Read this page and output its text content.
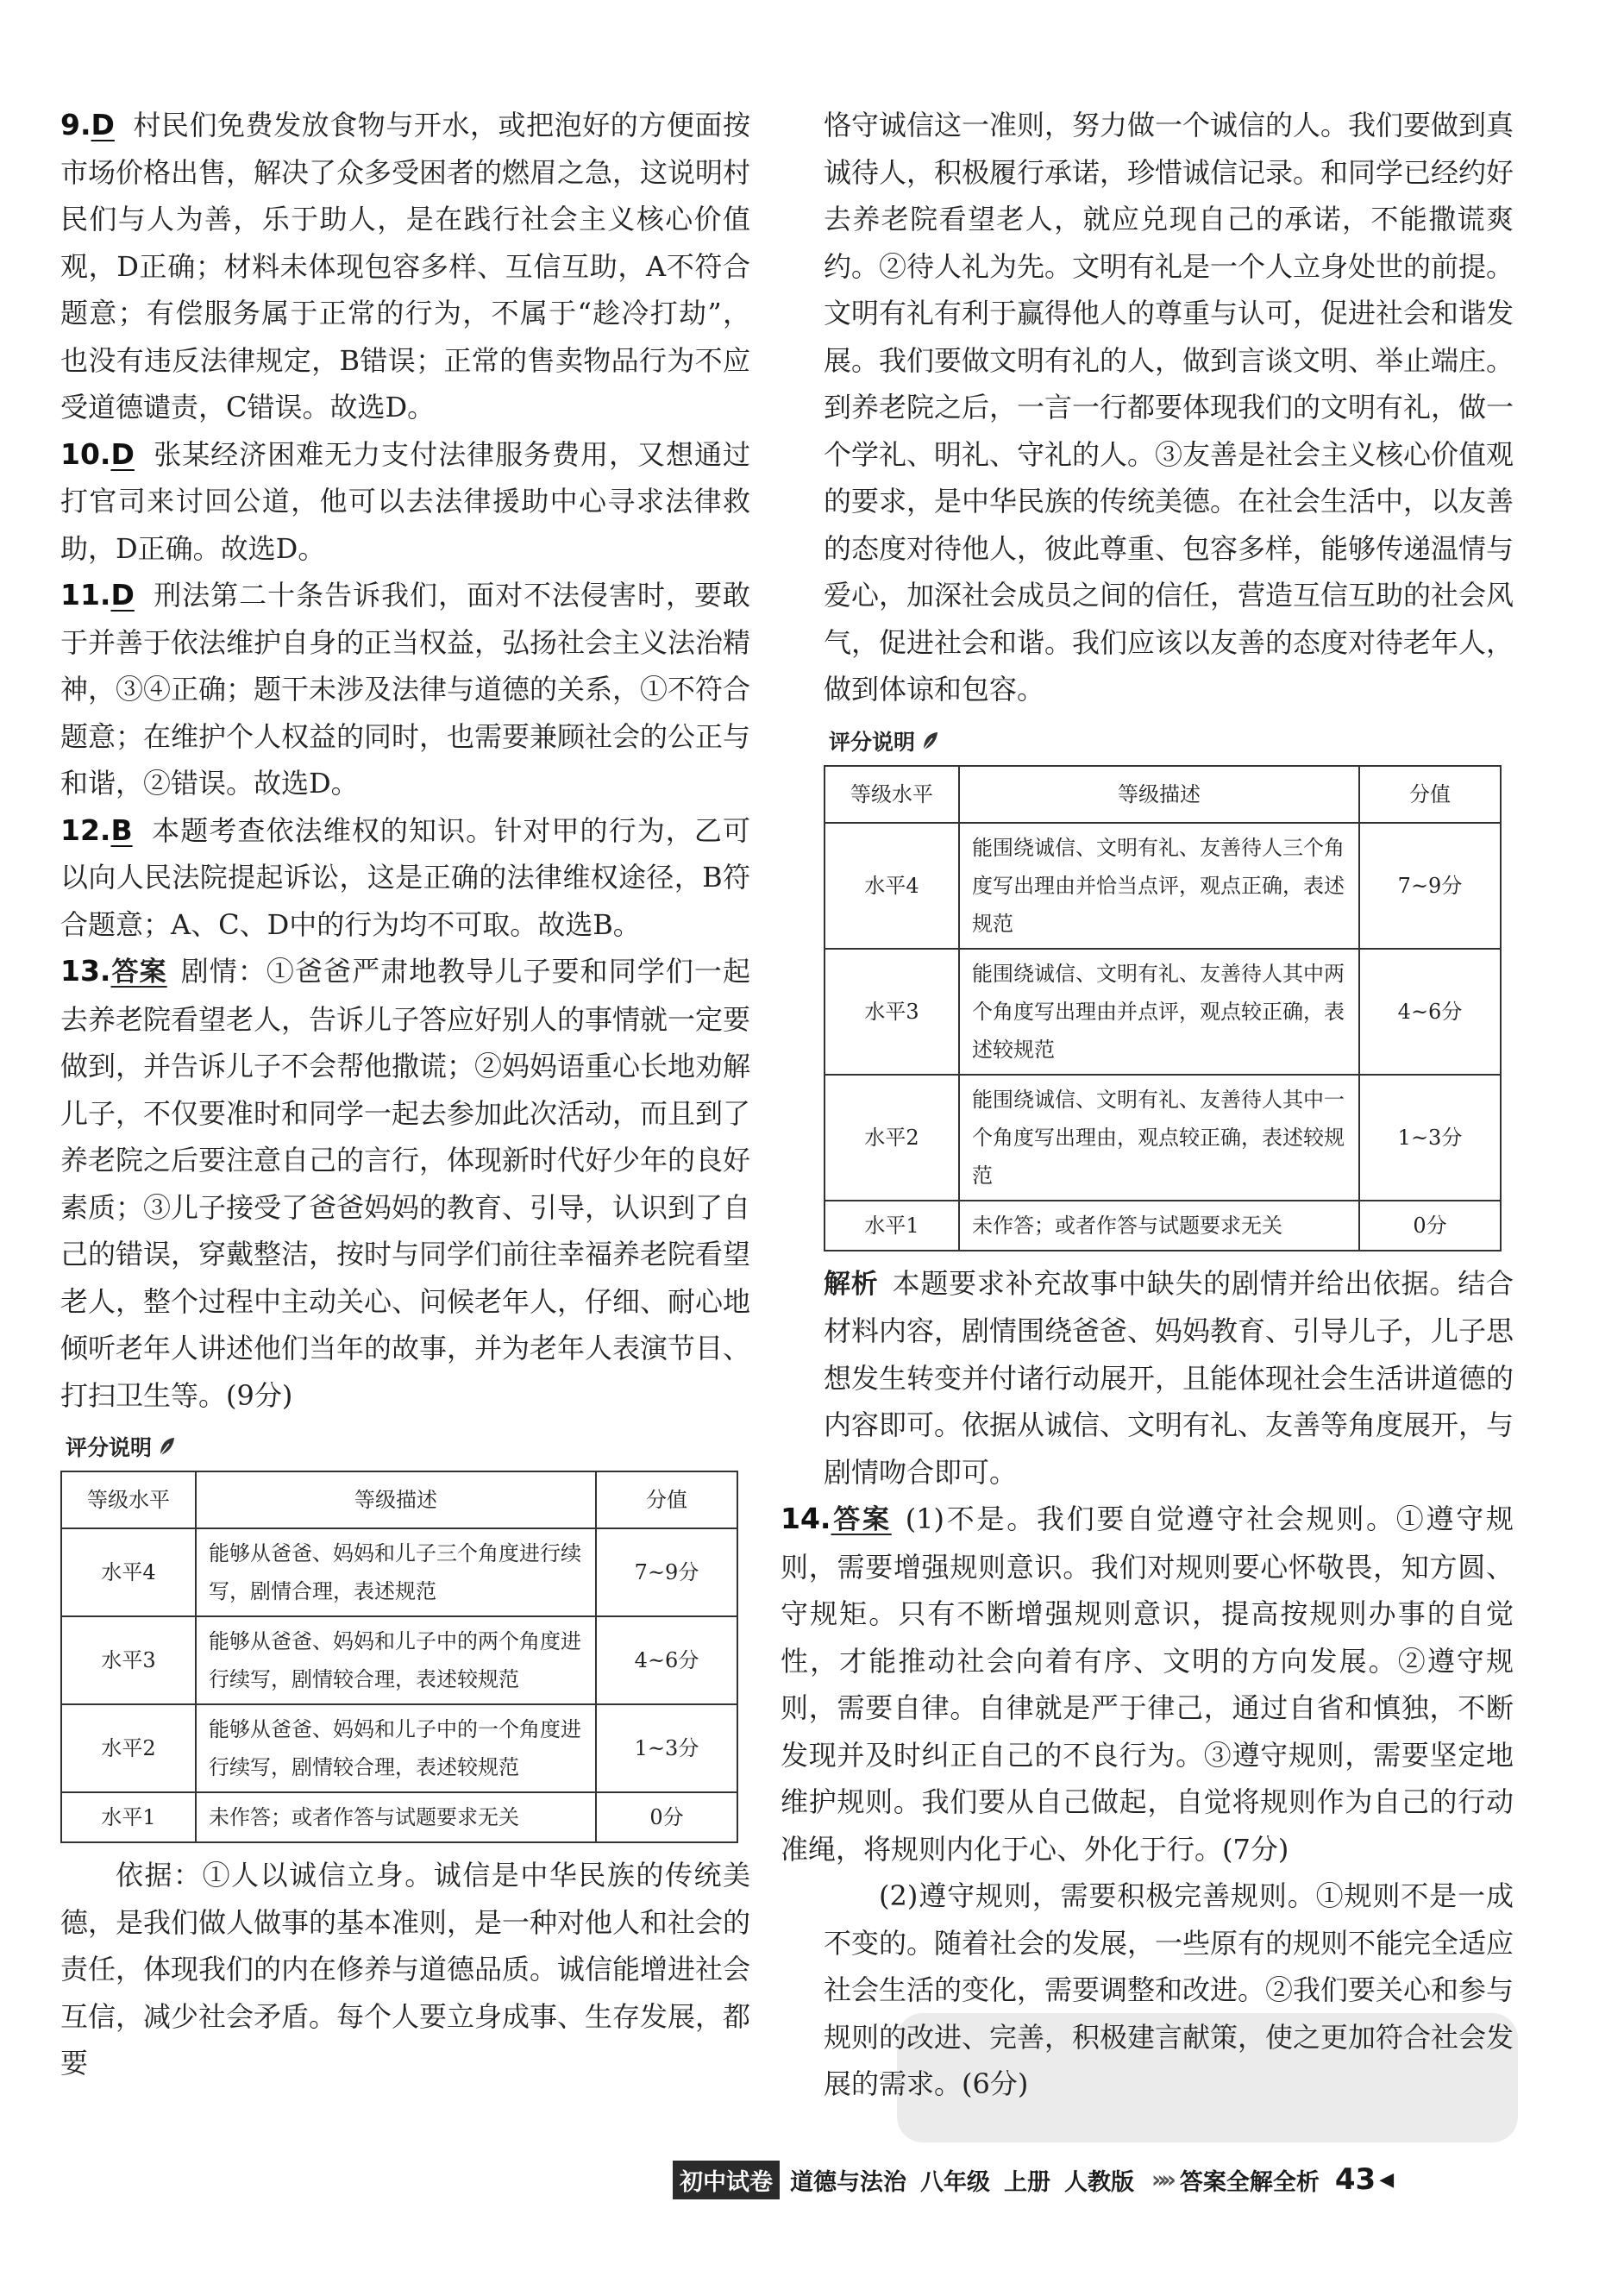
9.D 村民们免费发放食物与开水，或把泡好的方便面按市场价格出售，解决了众多受困者的燃眉之急，这说明村民们与人为善，乐于助人，是在践行社会主义核心价值观，D正确；材料未体现包容多样、互信互助，A不符合题意；有偿服务属于正常的行为，不属于“趁冷打劫”，也没有违反法律规定，B错误；正常的售卖物品行为不应受道德谴责，C错误。故选D。

10.D 张某经济困难无力支付法律服务费用，又想通过打官司来讨回公道，他可以去法律援助中心寻求法律救助，D正确。故选D。

11.D 刑法第二十条告诉我们，面对不法侵害时，要敢于并善于依法维护自身的正当权益，弘扬社会主义法治精神，③④正确；题干未涉及法律与道德的关系，①不符合题意；在维护个人权益的同时，也需要兼顾社会的公正与和谐，②错误。故选D。

12.B 本题考查依法维权的知识。针对甲的行为，乙可以向人民法院提起诉讼，这是正确的法律维权途径，B符合题意；A、C、D中的行为均不可取。故选B。

13.答案 剧情：①爸爸严肃地教导儿子要和同学们一起去养老院看望老人，告诉儿子答应好别人的事情就一定要做到，并告诉儿子不会帮他撒谎；②妈妈语重心长地劝解儿子，不仅要准时和同学一起去参加此次活动，而且到了养老院之后要注意自己的言行，体现新时代好少年的良好素质；③儿子接受了爸爸妈妈的教育、引导，认识到了自己的错误，穿戴整洁，按时与同学们前往幸福养老院看望老人，整个过程中主动关心、问候老年人，仔细、耐心地倾听老年人讲述他们当年的故事，并为老年人表演节目、打扫卫生等。(9分)

评分说明
等级水平	等级描述	分值
水平4	能够从爸爸、妈妈和儿子三个角度进行续写，剧情合理，表述规范	7~9分
水平3	能够从爸爸、妈妈和儿子中的两个角度进行续写，剧情较合理，表述较规范	4~6分
水平2	能够从爸爸、妈妈和儿子中的一个角度进行续写，剧情较合理，表述较规范	1~3分
水平1	未作答；或者作答与试题要求无关	0分

依据：①人以诚信立身。诚信是中华民族的传统美德，是我们做人做事的基本准则，是一种对他人和社会的责任，体现我们的内在修养与道德品质。诚信能增进社会互信，减少社会矛盾。每个人要立身成事、生存发展，都要

恪守诚信这一准则，努力做一个诚信的人。我们要做到真诚待人，积极履行承诺，珍惜诚信记录。和同学已经约好去养老院看望老人，就应兑现自己的承诺，不能撒谎爽约。②待人礼为先。文明有礼是一个人立身处世的前提。文明有礼有利于赢得他人的尊重与认可，促进社会和谐发展。我们要做文明有礼的人，做到言谈文明、举止端庄。到养老院之后，一言一行都要体现我们的文明有礼，做一个学礼、明礼、守礼的人。③友善是社会主义核心价值观的要求，是中华民族的传统美德。在社会生活中，以友善的态度对待他人，彼此尊重、包容多样，能够传递温情与爱心，加深社会成员之间的信任，营造互信互助的社会风气，促进社会和谐。我们应该以友善的态度对待老年人，做到体谅和包容。

评分说明
等级水平	等级描述	分值
水平4	能围绕诚信、文明有礼、友善待人三个角度写出理由并恰当点评，观点正确，表述规范	7~9分
水平3	能围绕诚信、文明有礼、友善待人其中两个角度写出理由并点评，观点较正确，表述较规范	4~6分
水平2	能围绕诚信、文明有礼、友善待人其中一个角度写出理由，观点较正确，表述较规范	1~3分
水平1	未作答；或者作答与试题要求无关	0分

解析 本题要求补充故事中缺失的剧情并给出依据。结合材料内容，剧情围绕爸爸、妈妈教育、引导儿子，儿子思想发生转变并付诸行动展开，且能体现社会生活讲道德的内容即可。依据从诚信、文明有礼、友善等角度展开，与剧情吻合即可。

14.答案 (1)不是。我们要自觉遵守社会规则。①遵守规则，需要增强规则意识。我们对规则要心怀敬畏，知方圆、守规矩。只有不断增强规则意识，提高按规则办事的自觉性，才能推动社会向着有序、文明的方向发展。②遵守规则，需要自律。自律就是严于律己，通过自省和慎独，不断发现并及时纠正自己的不良行为。③遵守规则，需要坚定地维护规则。我们要从自己做起，自觉将规则作为自己的行动准绳，将规则内化于心、外化于行。(7分)

(2)遵守规则，需要积极完善规则。①规则不是一成不变的。随着社会的发展，一些原有的规则不能完全适应社会生活的变化，需要调整和改进。②我们要关心和参与规则的改进、完善，积极建言献策，使之更加符合社会发展的需求。(6分)

初中试卷 道德与法治 八年级 上册 人教版 »» 答案全解全析 43 ◀
